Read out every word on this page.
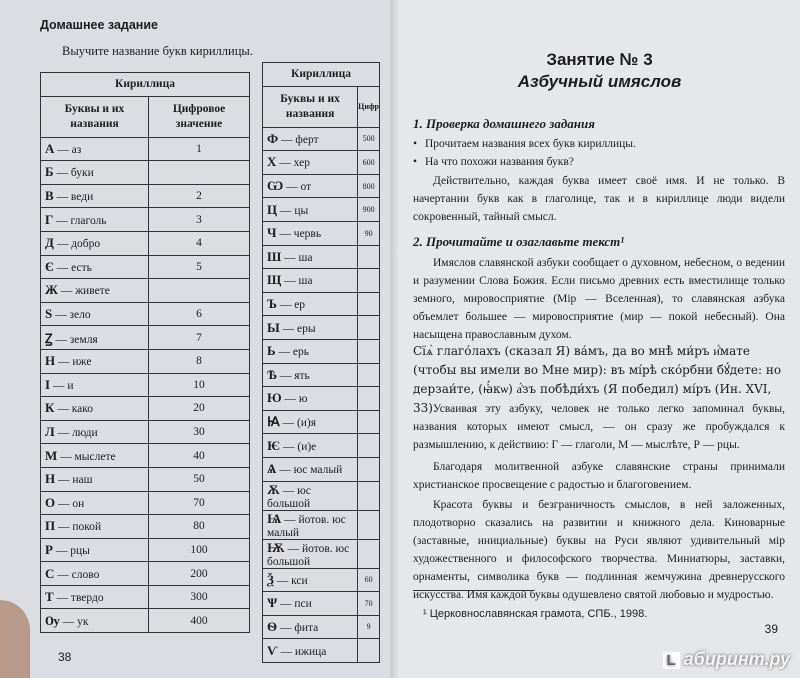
Домашнее задание
Выучите название букв кириллицы.
Кириллица	
Буквы и их названия	Цифровое значение
А — аз	1
Б — буки	
В — веди	2
Г — глаголь	3
Д — добро	4
Є — есть	5
Ж — живете	
Ѕ — зело	6
Ꙁ — земля	7
Н — иже	8
І — и	10
К — како	20
Л — люди	30
М — мыслете	40
Н — наш	50
О — он	70
П — покой	80
Р — рцы	100
С — слово	200
Т — твердо	300
Ѹ — ук	400
Кириллица	
Буквы и их названия	Цифр
Ф — ферт	500
Х — хер	600
Ѡ — от	800
Ц — цы	900
Ч — червь	90
Ш — ша	
Щ — ша	
Ъ — ер	
Ы — еры	
Ь — ерь	
Ѣ — ять	
Ю — ю	
Ꙗ — (и)я	
Ѥ — (и)е	
Ѧ — юс малый	
Ѫ — юс большой	
Ѩ — йотов. юс малый	
Ѭ — йотов. юс большой	
Ѯ — кси	60
Ѱ — пси	70
Ѳ — фита	9
Ѵ — ижица	
38
Занятие № 3
Азбучный имяслов
1. Проверка домашнего задания
• Прочитаем названия всех букв кириллицы.
• На что похожи названия букв?
Действительно, каждая буква имеет своё имя. И не только. В начертании букв как в глаголице, так и в кириллице люди видели сокровенный, тайный смысл.
2. Прочитайте и озаглавьте текст¹
Имяслов славянской азбуки сообщает о духовном, небесном, о ведении и разумении Слова Божия. Если письмо древних есть вместилище только земного, мировосприятие (Мір — Вселенная), то славянская азбука объемлет большее — мировосприятие (мир — покой небесный). Она насыщена православным духом.
Сїѧ̀ глаго́лахъ (сказал Я) ва́мъ, да во мнѣ̀ ми́ръ и҆́мате (чтобы вы имели во Мне мир): въ мі́рѣ ско́рбни бꙋ́дете: но дерзаи́те, (ꙗ҆́кѡ) а҆́зъ побѣди́хъ (Я победил) мі́ръ (Ин. XVI, 33).
Усваивая эту азбуку, человек не только легко запоминал буквы, названия которых имеют смысл, — он сразу же пробуждался к размышлению, к действию: Г — глаголи, М — мыслѣте, Р — рцы.
Благодаря молитвенной азбуке славянские страны принимали христианское просвещение с радостью и благоговением.
Красота буквы и безграничность смыслов, в ней заложенных, плодотворно сказались на развитии и книжного дела. Киноварные (заставные, инициальные) буквы на Руси являют удивительный мір художественного и философского творчества. Миниатюры, заставки, орнаменты, символика букв — подлинная жемчужина древнерусского искусства. Имя каждой буквы одушевлено святой любовью и мудростью.
¹ Церковнославянская грамота, СПБ., 1998.
39
L абиринт.ру
